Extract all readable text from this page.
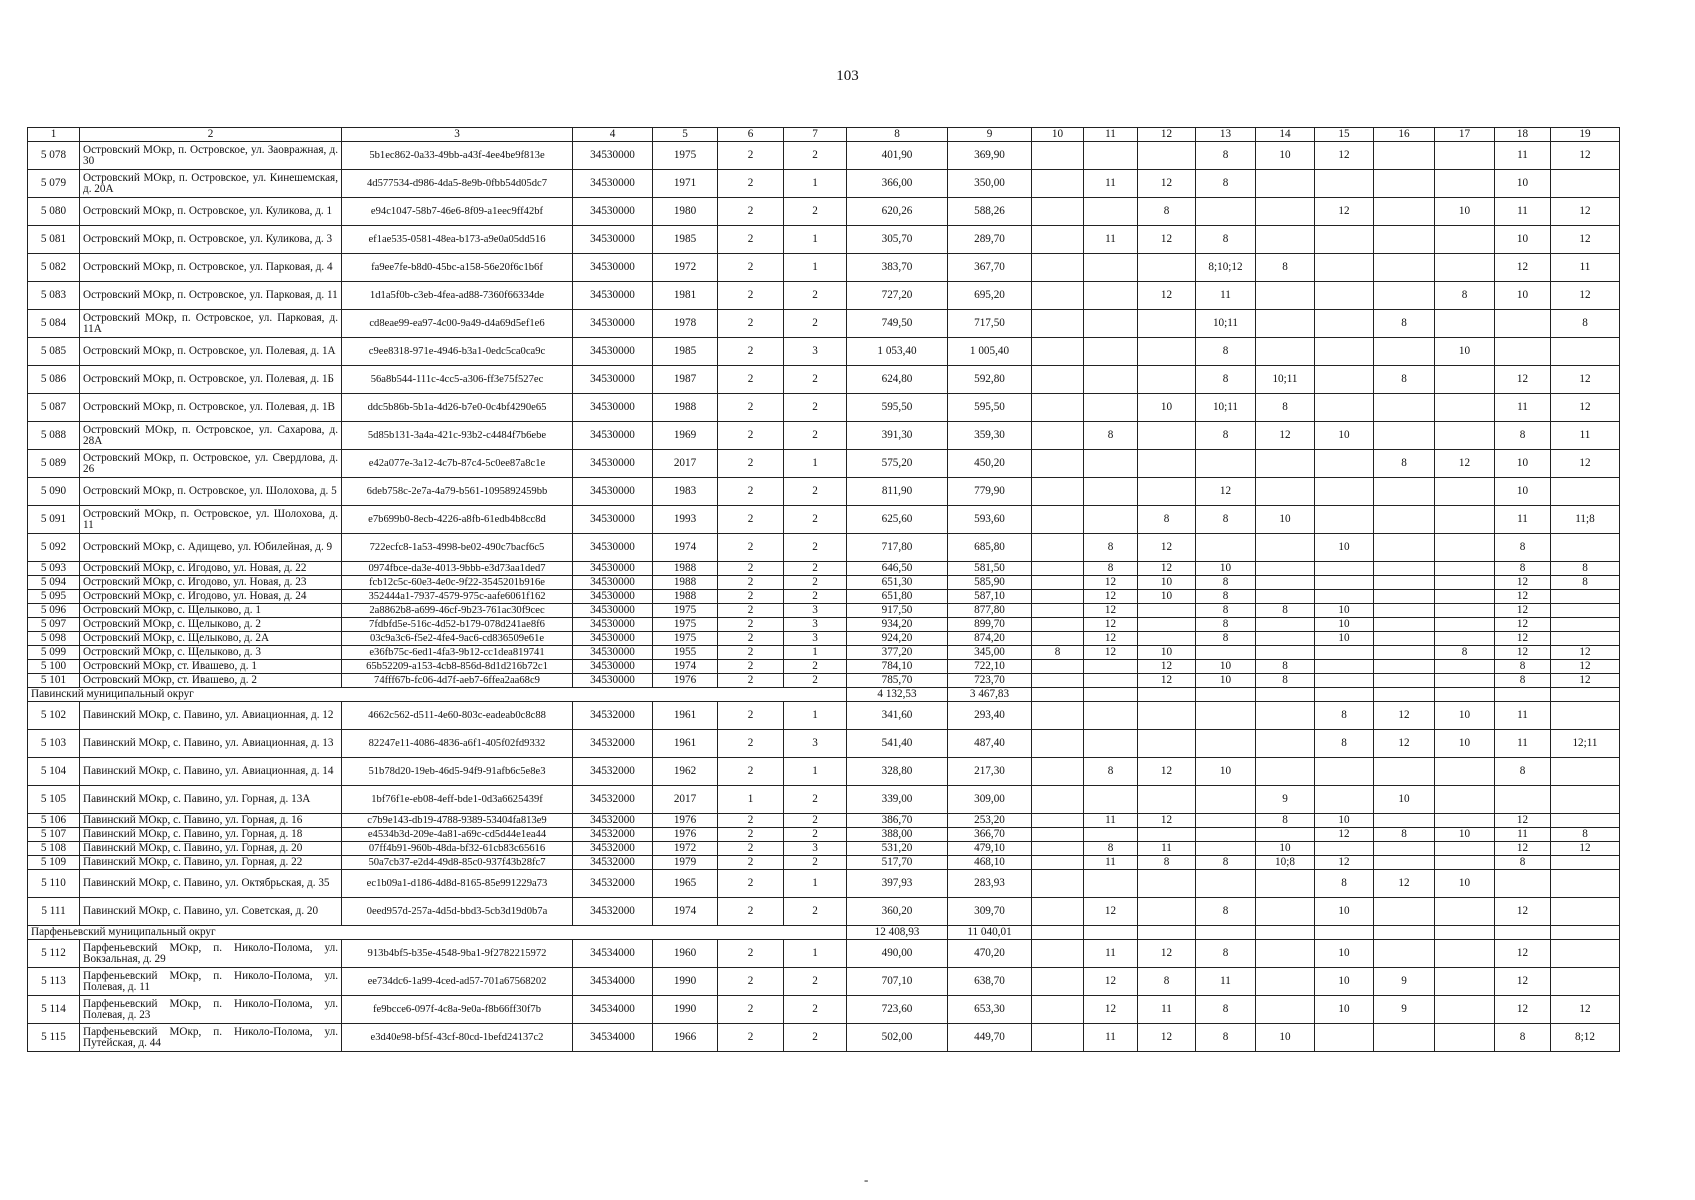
103
1	2	3	4	5	6	7	8	9	10	11	12	13	14	15	16	17	18	19
5 078	Островский МОкр, п. Островское, ул. Заовражная, д. 30	5b1ec862-0a33-49bb-a43f-4ee4be9f813e	34530000	1975	2	2	401,90	369,90				8	10	12			11	12
5 079	Островский МОкр, п. Островское, ул. Кинешемская, д. 20А	4d577534-d986-4da5-8e9b-0fbb54d05dc7	34530000	1971	2	1	366,00	350,00		11	12	8					10	
5 080	Островский МОкр, п. Островское, ул. Куликова, д. 1	e94c1047-58b7-46e6-8f09-a1eec9ff42bf	34530000	1980	2	2	620,26	588,26			8			12		10	11	12
5 081	Островский МОкр, п. Островское, ул. Куликова, д. 3	ef1ae535-0581-48ea-b173-a9e0a05dd516	34530000	1985	2	1	305,70	289,70		11	12	8					10	12
5 082	Островский МОкр, п. Островское, ул. Парковая, д. 4	fa9ee7fe-b8d0-45bc-a158-56e20f6c1b6f	34530000	1972	2	1	383,70	367,70				8;10;12	8				12	11
5 083	Островский МОкр, п. Островское, ул. Парковая, д. 11	1d1a5f0b-c3eb-4fea-ad88-7360f66334de	34530000	1981	2	2	727,20	695,20			12	11				8	10	12
5 084	Островский МОкр, п. Островское, ул. Парковая, д. 11А	cd8eae99-ea97-4c00-9a49-d4a69d5ef1e6	34530000	1978	2	2	749,50	717,50				10;11			8			8
5 085	Островский МОкр, п. Островское, ул. Полевая, д. 1А	c9ee8318-971e-4946-b3a1-0edc5ca0ca9c	34530000	1985	2	3	1 053,40	1 005,40				8				10		
5 086	Островский МОкр, п. Островское, ул. Полевая, д. 1Б	56a8b544-111c-4cc5-a306-ff3e75f527ec	34530000	1987	2	2	624,80	592,80				8	10;11		8		12	12
5 087	Островский МОкр, п. Островское, ул. Полевая, д. 1В	ddc5b86b-5b1a-4d26-b7e0-0c4bf4290e65	34530000	1988	2	2	595,50	595,50			10	10;11	8				11	12
5 088	Островский МОкр, п. Островское, ул. Сахарова, д. 28А	5d85b131-3a4a-421c-93b2-c4484f7b6ebe	34530000	1969	2	2	391,30	359,30		8		8	12	10			8	11
5 089	Островский МОкр, п. Островское, ул. Свердлова, д. 26	e42a077e-3a12-4c7b-87c4-5c0ee87a8c1e	34530000	2017	2	1	575,20	450,20							8	12	10	12
5 090	Островский МОкр, п. Островское, ул. Шолохова, д. 5	6deb758c-2e7a-4a79-b561-1095892459bb	34530000	1983	2	2	811,90	779,90				12					10	
5 091	Островский МОкр, п. Островское, ул. Шолохова, д. 11	e7b699b0-8ecb-4226-a8fb-61edb4b8cc8d	34530000	1993	2	2	625,60	593,60			8	8	10				11	11;8
5 092	Островский МОкр, с. Адищево, ул. Юбилейная, д. 9	722ecfc8-1a53-4998-be02-490c7bacf6c5	34530000	1974	2	2	717,80	685,80		8	12			10			8	
5 093	Островский МОкр, с. Игодово, ул. Новая, д. 22	0974fbce-da3e-4013-9bbb-e3d73aa1ded7	34530000	1988	2	2	646,50	581,50		8	12	10					8	8
5 094	Островский МОкр, с. Игодово, ул. Новая, д. 23	fcb12c5c-60e3-4e0c-9f22-3545201b916e	34530000	1988	2	2	651,30	585,90		12	10	8					12	8
5 095	Островский МОкр, с. Игодово, ул. Новая, д. 24	352444a1-7937-4579-975c-aafe6061f162	34530000	1988	2	2	651,80	587,10		12	10	8					12	
5 096	Островский МОкр, с. Щелыково, д. 1	2a8862b8-a699-46cf-9b23-761ac30f9cec	34530000	1975	2	3	917,50	877,80		12		8	8	10			12	
5 097	Островский МОкр, с. Щелыково, д. 2	7fdbfd5e-516c-4d52-b179-078d241ae8f6	34530000	1975	2	3	934,20	899,70		12		8		10			12	
5 098	Островский МОкр, с. Щелыково, д. 2А	03c9a3c6-f5e2-4fe4-9ac6-cd836509e61e	34530000	1975	2	3	924,20	874,20		12		8		10			12	
5 099	Островский МОкр, с. Щелыково, д. 3	e36fb75c-6ed1-4fa3-9b12-cc1dea819741	34530000	1955	2	1	377,20	345,00	8	12	10					8	12	12
5 100	Островский МОкр, ст. Ивашево, д. 1	65b52209-a153-4cb8-856d-8d1d216b72c1	34530000	1974	2	2	784,10	722,10			12	10	8				8	12
5 101	Островский МОкр, ст. Ивашево, д. 2	74fff67b-fc06-4d7f-aeb7-6ffea2aa68c9	34530000	1976	2	2	785,70	723,70			12	10	8				8	12
Павинский муниципальный округ							4 132,53	3 467,83										
5 102	Павинский МОкр, с. Павино, ул. Авиационная, д. 12	4662c562-d511-4e60-803c-eadeab0c8c88	34532000	1961	2	1	341,60	293,40						8	12	10	11	
5 103	Павинский МОкр, с. Павино, ул. Авиационная, д. 13	82247e11-4086-4836-a6f1-405f02fd9332	34532000	1961	2	3	541,40	487,40						8	12	10	11	12;11
5 104	Павинский МОкр, с. Павино, ул. Авиационная, д. 14	51b78d20-19eb-46d5-94f9-91afb6c5e8e3	34532000	1962	2	1	328,80	217,30		8	12	10					8	
5 105	Павинский МОкр, с. Павино, ул. Горная, д. 13А	1bf76f1e-eb08-4eff-bde1-0d3a6625439f	34532000	2017	1	2	339,00	309,00					9		10			
5 106	Павинский МОкр, с. Павино, ул. Горная, д. 16	c7b9e143-db19-4788-9389-53404fa813e9	34532000	1976	2	2	386,70	253,20		11	12		8	10			12	
5 107	Павинский МОкр, с. Павино, ул. Горная, д. 18	e4534b3d-209e-4a81-a69c-cd5d44e1ea44	34532000	1976	2	2	388,00	366,70						12	8	10	11	8
5 108	Павинский МОкр, с. Павино, ул. Горная, д. 20	07ff4b91-960b-48da-bf32-61cb83c65616	34532000	1972	2	3	531,20	479,10		8	11		10				12	12
5 109	Павинский МОкр, с. Павино, ул. Горная, д. 22	50a7cb37-e2d4-49d8-85c0-937f43b28fc7	34532000	1979	2	2	517,70	468,10		11	8	8	10;8	12			8	
5 110	Павинский МОкр, с. Павино, ул. Октябрьская, д. 35	ec1b09a1-d186-4d8d-8165-85e991229a73	34532000	1965	2	1	397,93	283,93						8	12	10		
5 111	Павинский МОкр, с. Павино, ул. Советская, д. 20	0eed957d-257a-4d5d-bbd3-5cb3d19d0b7a	34532000	1974	2	2	360,20	309,70		12		8		10			12	
Парфеньевский муниципальный округ							12 408,93	11 040,01										
5 112	Парфеньевский МОкр, п. Николо-Полома, ул. Вокзальная, д. 29	913b4bf5-b35e-4548-9ba1-9f2782215972	34534000	1960	2	1	490,00	470,20		11	12	8		10			12	
5 113	Парфеньевский МОкр, п. Николо-Полома, ул. Полевая, д. 11	ee734dc6-1a99-4ced-ad57-701a67568202	34534000	1990	2	2	707,10	638,70		12	8	11		10	9		12	
5 114	Парфеньевский МОкр, п. Николо-Полома, ул. Полевая, д. 23	fe9bcce6-097f-4c8a-9e0a-f8b66ff30f7b	34534000	1990	2	2	723,60	653,30		12	11	8		10	9		12	12
5 115	Парфеньевский МОкр, п. Николо-Полома, ул. Путейская, д. 44	e3d40e98-bf5f-43cf-80cd-1befd24137c2	34534000	1966	2	2	502,00	449,70		11	12	8	10				8	8;12
-
